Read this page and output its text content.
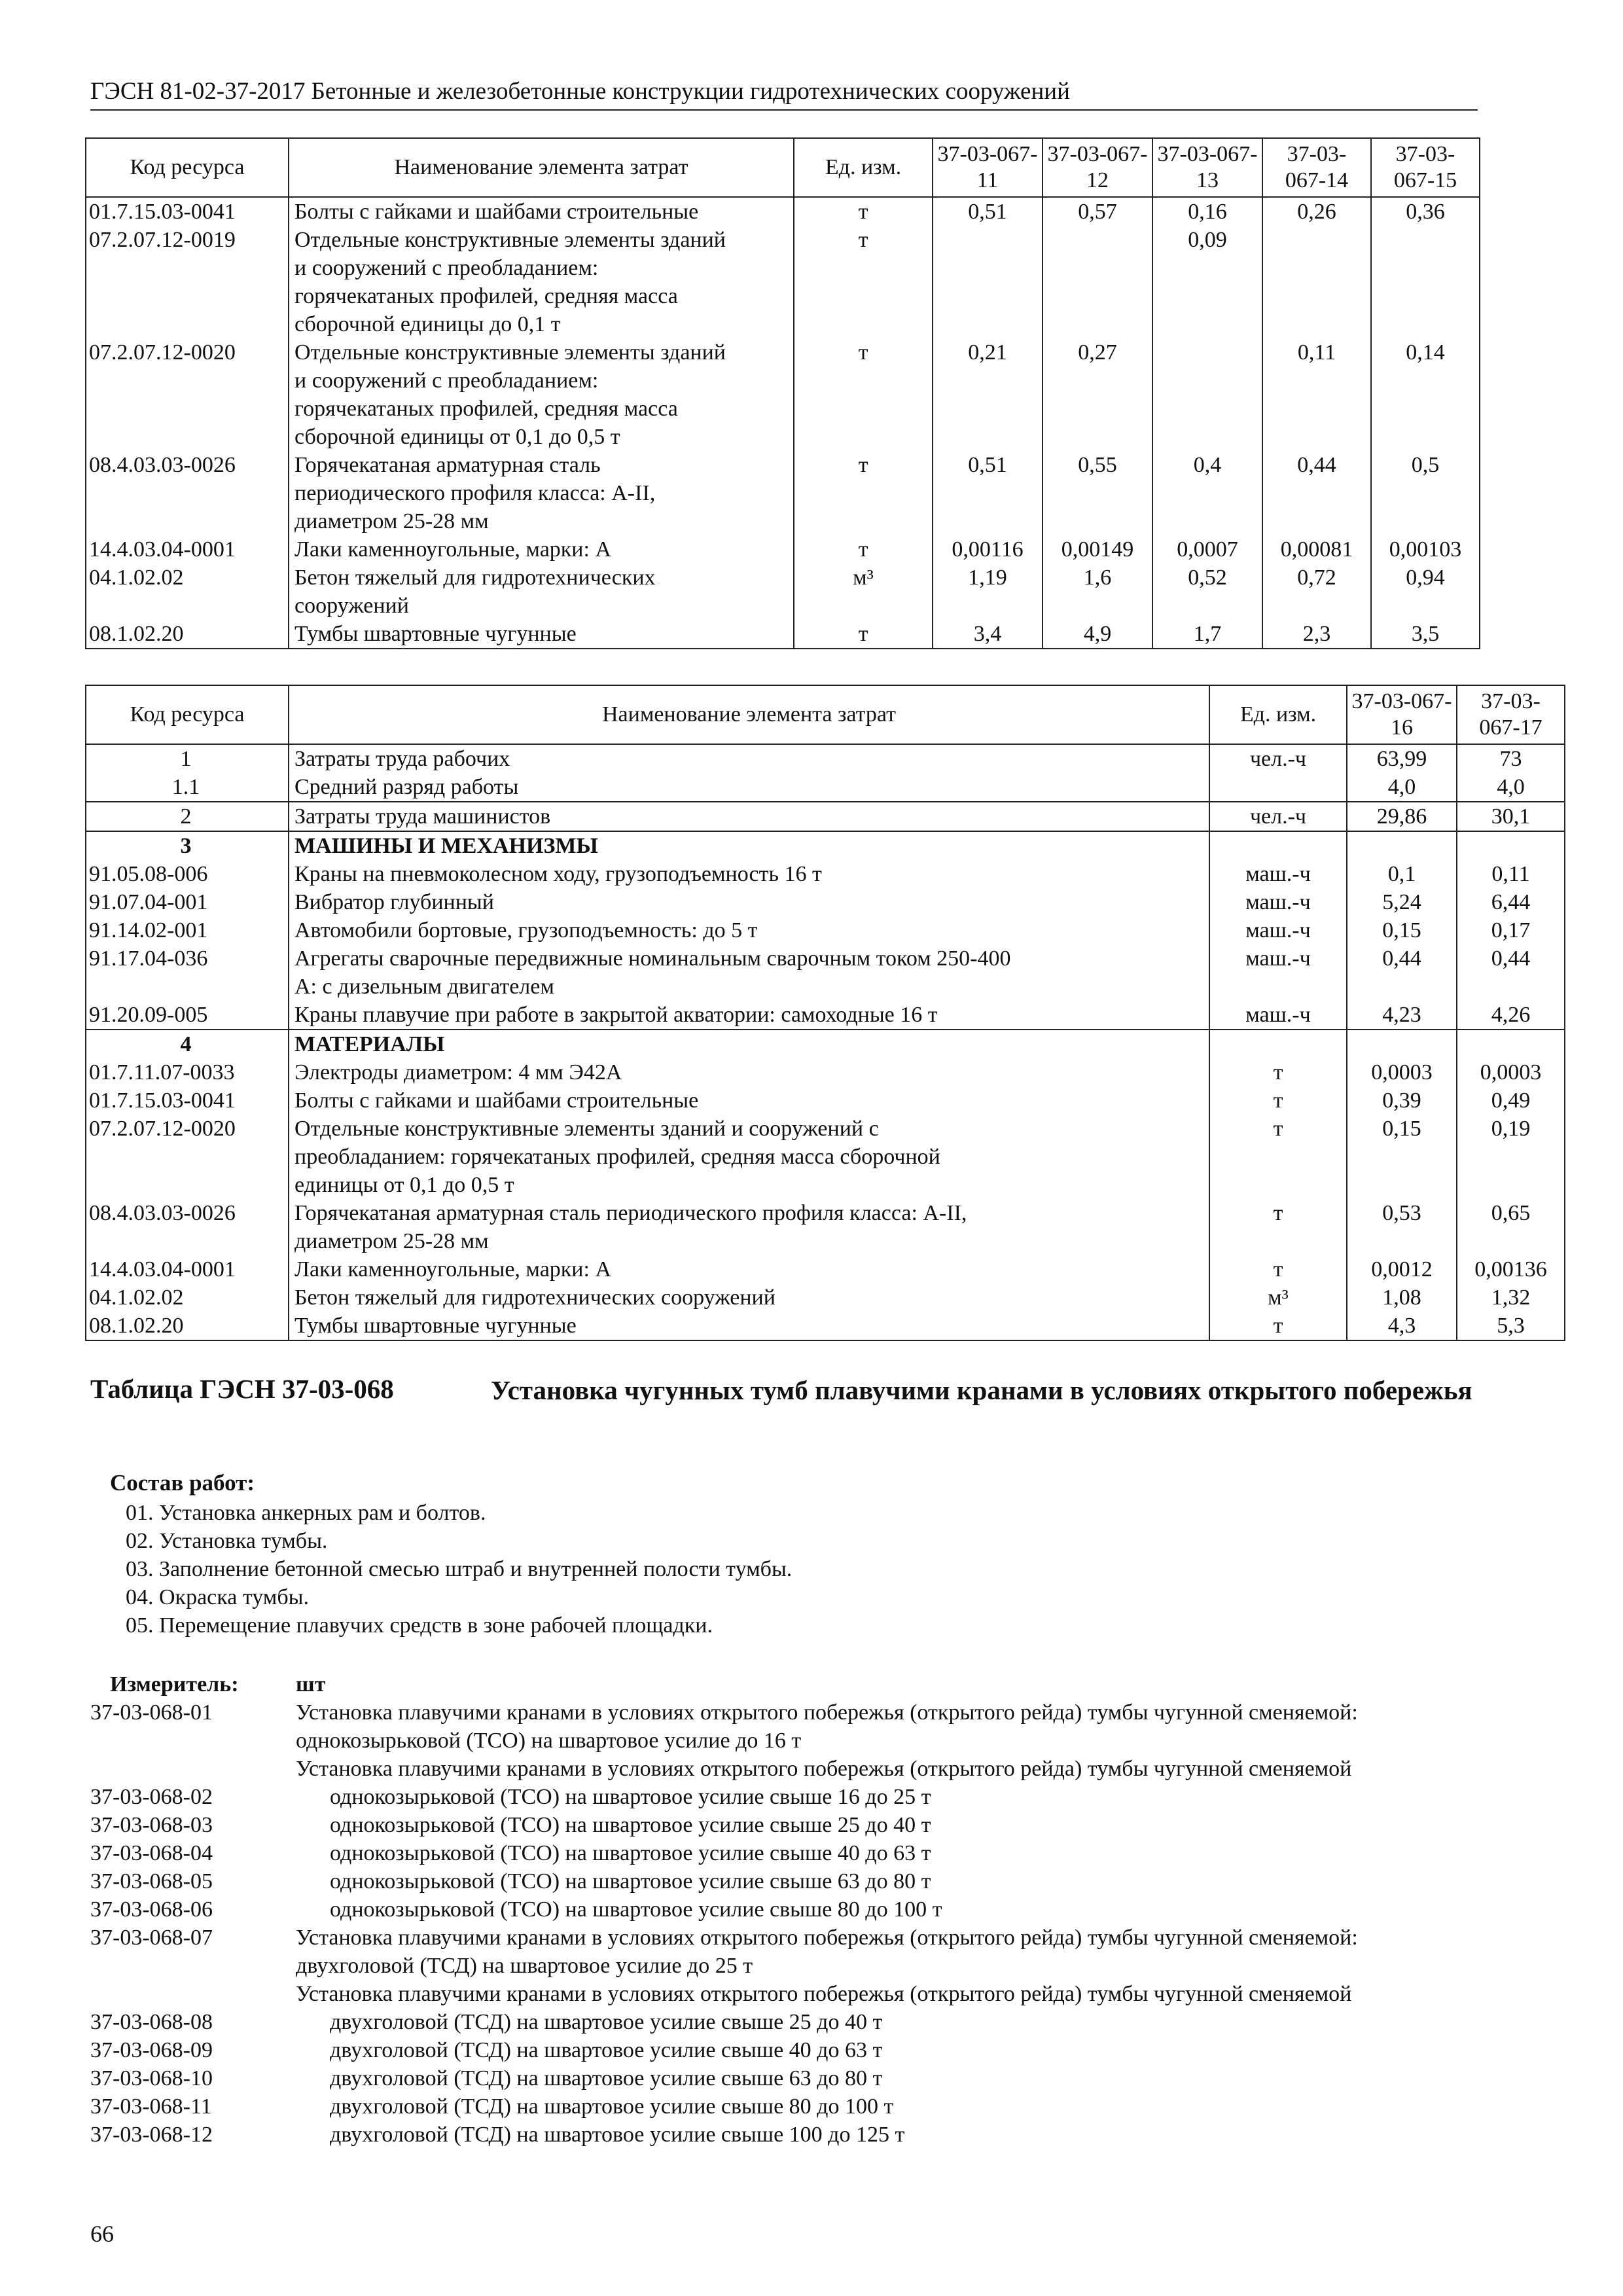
ГЭСН 81-02-37-2017 Бетонные и железобетонные конструкции гидротехнических сооружений
Код ресурса	Наименование элемента затрат	Ед. изм.	37-03-067-11	37-03-067-12	37-03-067-13	37-03-067-14	37-03-067-15
01.7.15.03-0041	Болты с гайками и шайбами строительные	т	0,51	0,57	0,16	0,26	0,36
07.2.07.12-0019	Отдельные конструктивные элементы зданий
и сооружений с преобладанием:
горячекатаных профилей, средняя масса
сборочной единицы до 0,1 т	т			0,09		
07.2.07.12-0020	Отдельные конструктивные элементы зданий
и сооружений с преобладанием:
горячекатаных профилей, средняя масса
сборочной единицы от 0,1 до 0,5 т	т	0,21	0,27		0,11	0,14
08.4.03.03-0026	Горячекатаная арматурная сталь
периодического профиля класса: А-II,
диаметром 25-28 мм	т	0,51	0,55	0,4	0,44	0,5
14.4.03.04-0001	Лаки каменноугольные, марки: А	т	0,00116	0,00149	0,0007	0,00081	0,00103
04.1.02.02	Бетон тяжелый для гидротехнических
сооружений	м³	1,19	1,6	0,52	0,72	0,94
08.1.02.20	Тумбы швартовные чугунные	т	3,4	4,9	1,7	2,3	3,5
Код ресурса	Наименование элемента затрат	Ед. изм.	37-03-067-16	37-03-067-17
1	Затраты труда рабочих	чел.-ч	63,99	73
1.1	Средний разряд работы		4,0	4,0
2	Затраты труда машинистов	чел.-ч	29,86	30,1
3	МАШИНЫ И МЕХАНИЗМЫ			

91.05.08-006	Краны на пневмоколесном ходу, грузоподъемность 16 т	маш.-ч	0,1	0,11
91.07.04-001	Вибратор глубинный	маш.-ч	5,24	6,44
91.14.02-001	Автомобили бортовые, грузоподъемность: до 5 т	маш.-ч	0,15	0,17
91.17.04-036	Агрегаты сварочные передвижные номинальным сварочным током 250-400
А: с дизельным двигателем	маш.-ч	0,44	0,44
91.20.09-005	Краны плавучие при работе в закрытой акватории: самоходные 16 т	маш.-ч	4,23	4,26
4	МАТЕРИАЛЫ			

01.7.11.07-0033	Электроды диаметром: 4 мм Э42А	т	0,0003	0,0003
01.7.15.03-0041	Болты с гайками и шайбами строительные	т	0,39	0,49
07.2.07.12-0020	Отдельные конструктивные элементы зданий и сооружений с
преобладанием: горячекатаных профилей, средняя масса сборочной
единицы от 0,1 до 0,5 т	т	0,15	0,19
08.4.03.03-0026	Горячекатаная арматурная сталь периодического профиля класса: А-II,
диаметром 25-28 мм	т	0,53	0,65
14.4.03.04-0001	Лаки каменноугольные, марки: А	т	0,0012	0,00136
04.1.02.02	Бетон тяжелый для гидротехнических сооружений	м³	1,08	1,32
08.1.02.20	Тумбы швартовные чугунные	т	4,3	5,3
Таблица ГЭСН 37-03-068	Установка чугунных тумб плавучими кранами в условиях открытого побережья
Состав работ:
01. Установка анкерных рам и болтов.
02. Установка тумбы.
03. Заполнение бетонной смесью штраб и внутренней полости тумбы.
04. Окраска тумбы.
05. Перемещение плавучих средств в зоне рабочей площадки.
Измеритель:	шт
37-03-068-01	Установка плавучими кранами в условиях открытого побережья (открытого рейда) тумбы чугунной сменяемой: однокозырьковой (ТСО) на швартовое усилие до 16 т
Установка плавучими кранами в условиях открытого побережья (открытого рейда) тумбы чугунной сменяемой
37-03-068-02	однокозырьковой (ТСО) на швартовое усилие свыше 16 до 25 т
37-03-068-03	однокозырьковой (ТСО) на швартовое усилие свыше 25 до 40 т
37-03-068-04	однокозырьковой (ТСО) на швартовое усилие свыше 40 до 63 т
37-03-068-05	однокозырьковой (ТСО) на швартовое усилие свыше 63 до 80 т
37-03-068-06	однокозырьковой (ТСО) на швартовое усилие свыше 80 до 100 т
37-03-068-07	Установка плавучими кранами в условиях открытого побережья (открытого рейда) тумбы чугунной сменяемой: двухголовой (ТСД) на швартовое усилие до 25 т
Установка плавучими кранами в условиях открытого побережья (открытого рейда) тумбы чугунной сменяемой
37-03-068-08	двухголовой (ТСД) на швартовое усилие свыше 25 до 40 т
37-03-068-09	двухголовой (ТСД) на швартовое усилие свыше 40 до 63 т
37-03-068-10	двухголовой (ТСД) на швартовое усилие свыше 63 до 80 т
37-03-068-11	двухголовой (ТСД) на швартовое усилие свыше 80 до 100 т
37-03-068-12	двухголовой (ТСД) на швартовое усилие свыше 100 до 125 т
66
